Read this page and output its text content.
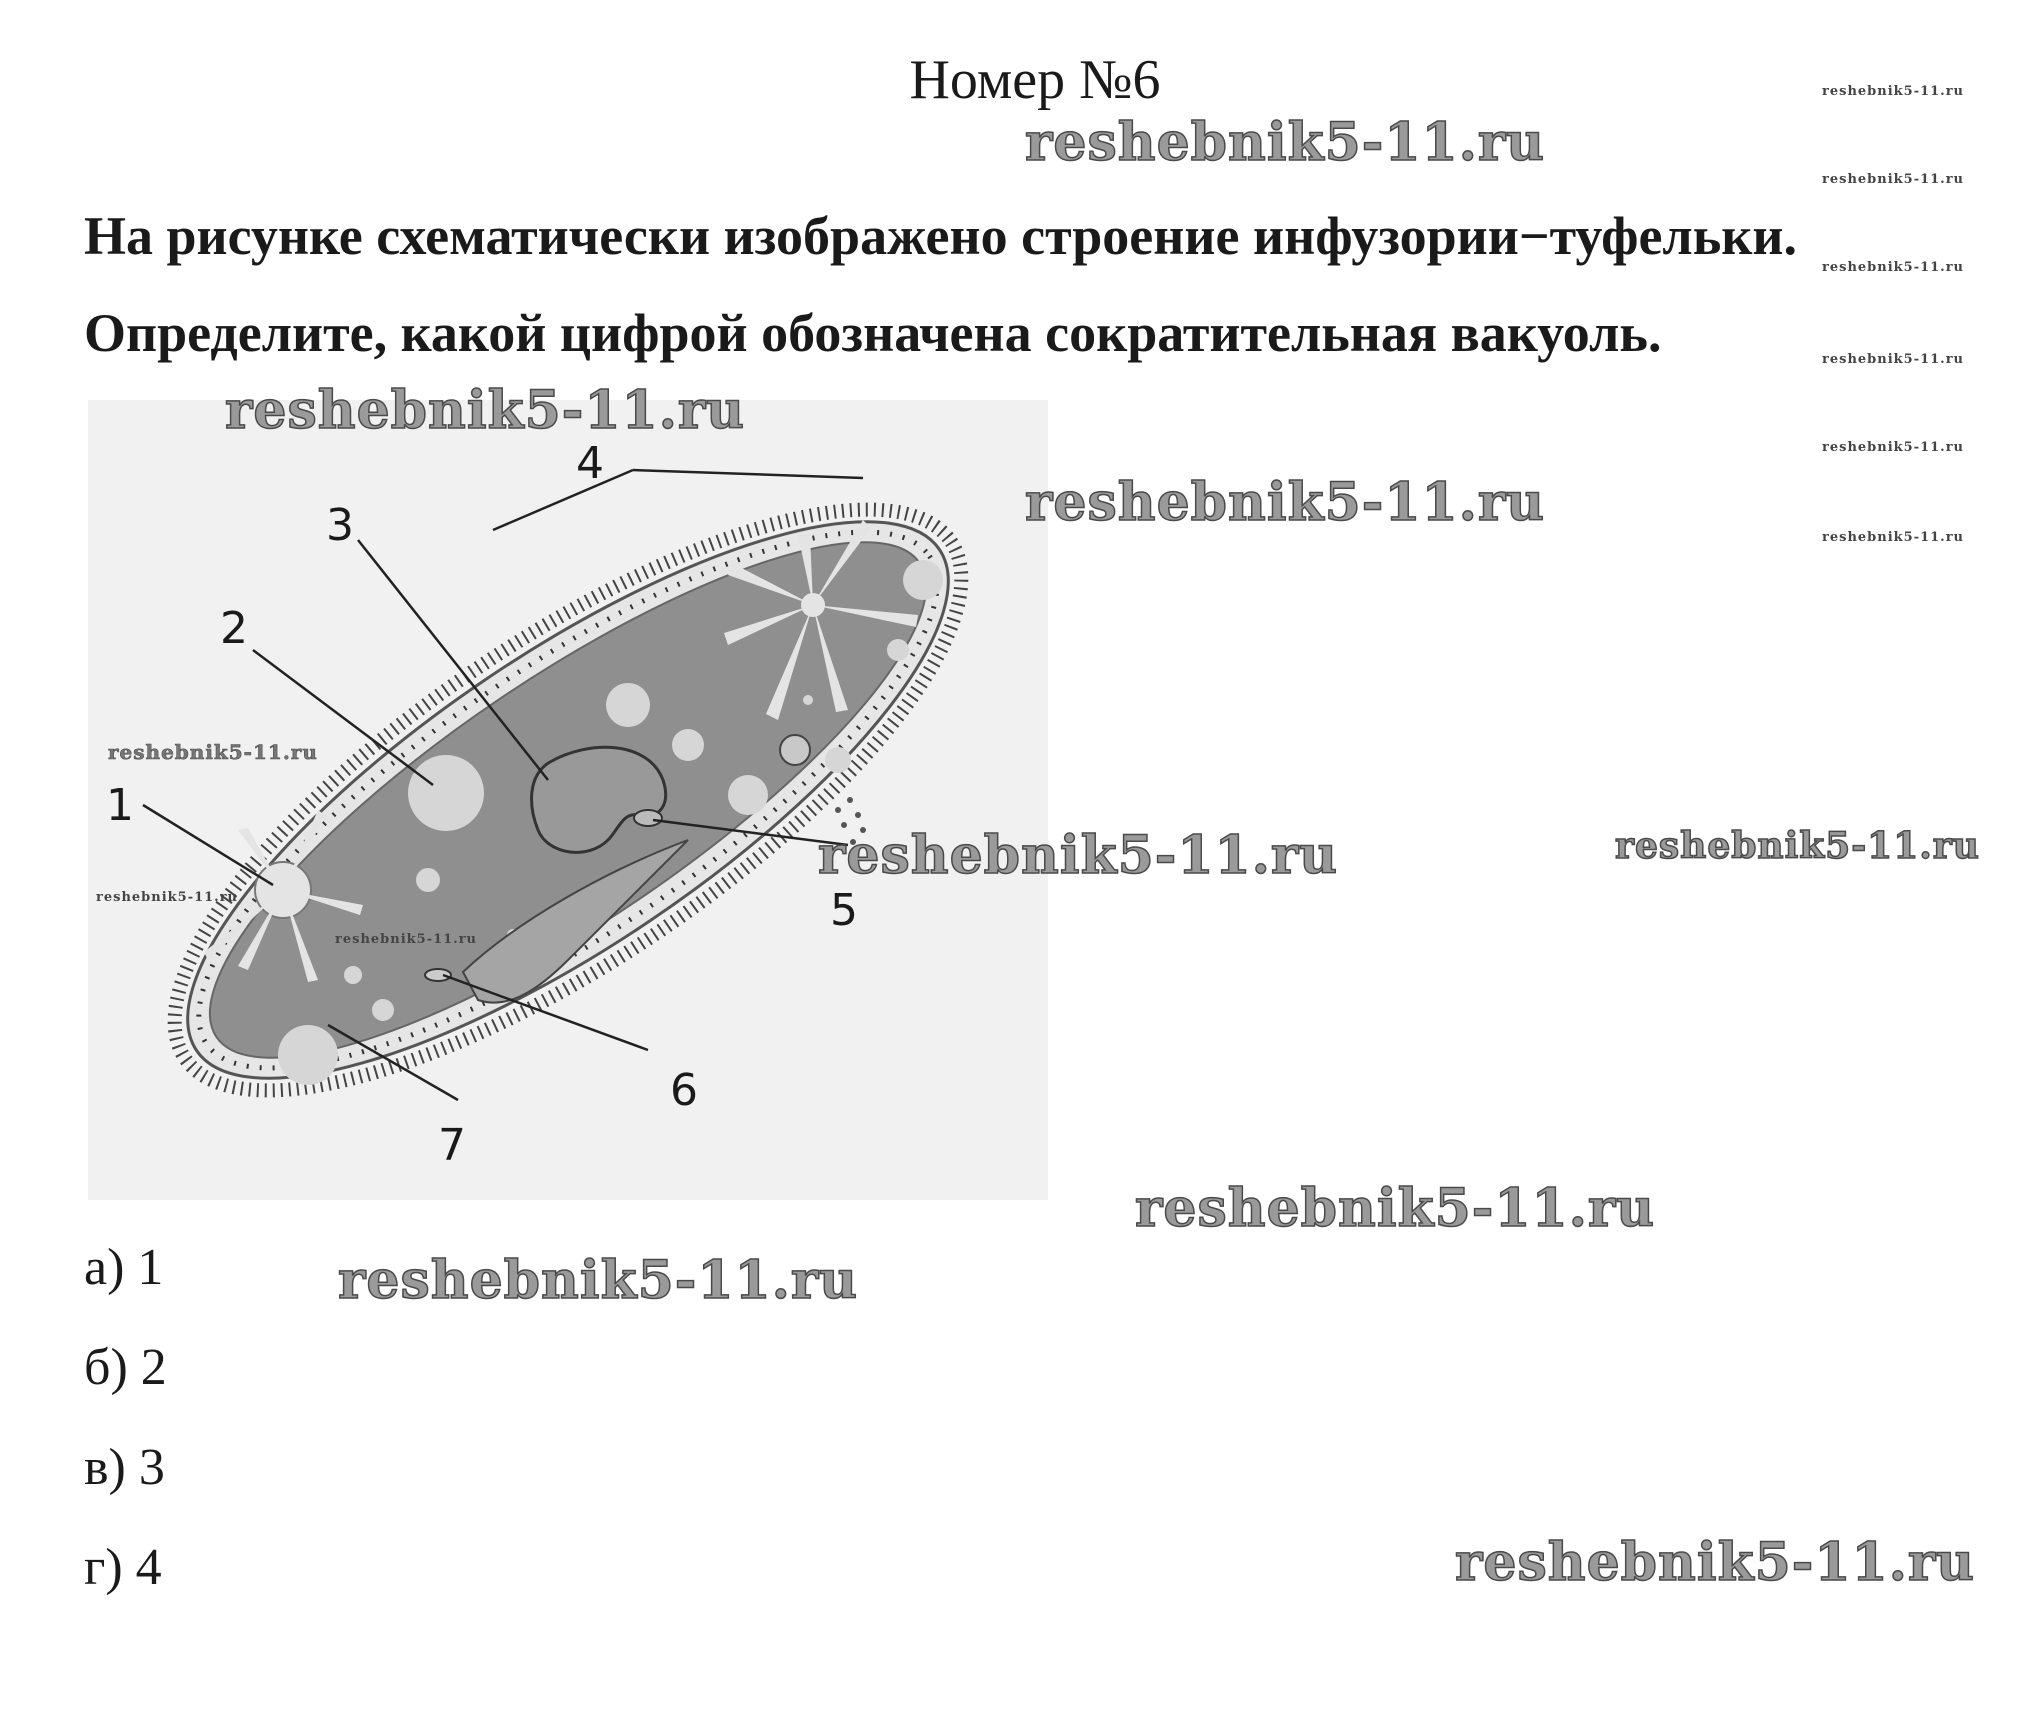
Номер №6
На рисунке схематически изображено строение инфузории−туфельки.
Определите, какой цифрой обозначена сократительная вакуоль.
1
2
3
4
5
6
7
а) 1
б) 2
в) 3
г) 4
reshebnik5-11.ru
reshebnik5-11.ru
reshebnik5-11.ru
reshebnik5-11.ru	reshebnik5-11.ru
reshebnik5-11.ru
reshebnik5-11.ru
reshebnik5-11.ru
reshebnik5-11.ru
reshebnik5-11.ru
reshebnik5-11.ru
reshebnik5-11.ru
reshebnik5-11.ru
reshebnik5-11.ru
reshebnik5-11.ru
reshebnik5-11.ru
reshebnik5-11.ru
